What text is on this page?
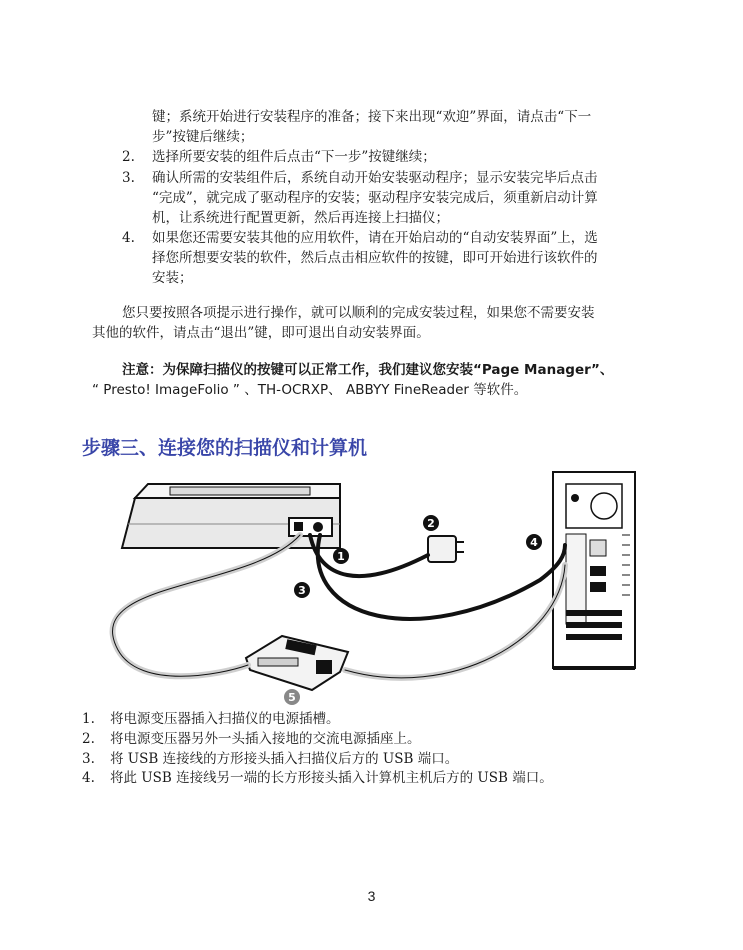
键；系统开始进行安装程序的准备；接下来出现“欢迎”界面，请点击“下一
步”按键后继续；
2. 选择所要安装的组件后点击“下一步”按键继续；
3. 确认所需的安装组件后，系统自动开始安装驱动程序；显示安装完毕后点击
“完成”，就完成了驱动程序的安装；驱动程序安装完成后，须重新启动计算
机，让系统进行配置更新，然后再连接上扫描仪；
4. 如果您还需要安装其他的应用软件，请在开始启动的“自动安装界面”上，选
择您所想要安装的软件，然后点击相应软件的按键，即可开始进行该软件的
安装；
您只要按照各项提示进行操作，就可以顺利的完成安装过程，如果您不需要安装
其他的软件，请点击“退出”键，即可退出自动安装界面。
注意：为保障扫描仪的按键可以正常工作，我们建议您安装“Page Manager”、
“ Presto! ImageFolio ” 、TH-OCRXP、 ABBYY FineReader 等软件。
步骤三、连接您的扫描仪和计算机
1
2
3
4
5
1. 将电源变压器插入扫描仪的电源插槽。
2. 将电源变压器另外一头插入接地的交流电源插座上。
3. 将 USB 连接线的方形接头插入扫描仪后方的 USB 端口。
4. 将此 USB 连接线另一端的长方形接头插入计算机主机后方的 USB 端口。
3
